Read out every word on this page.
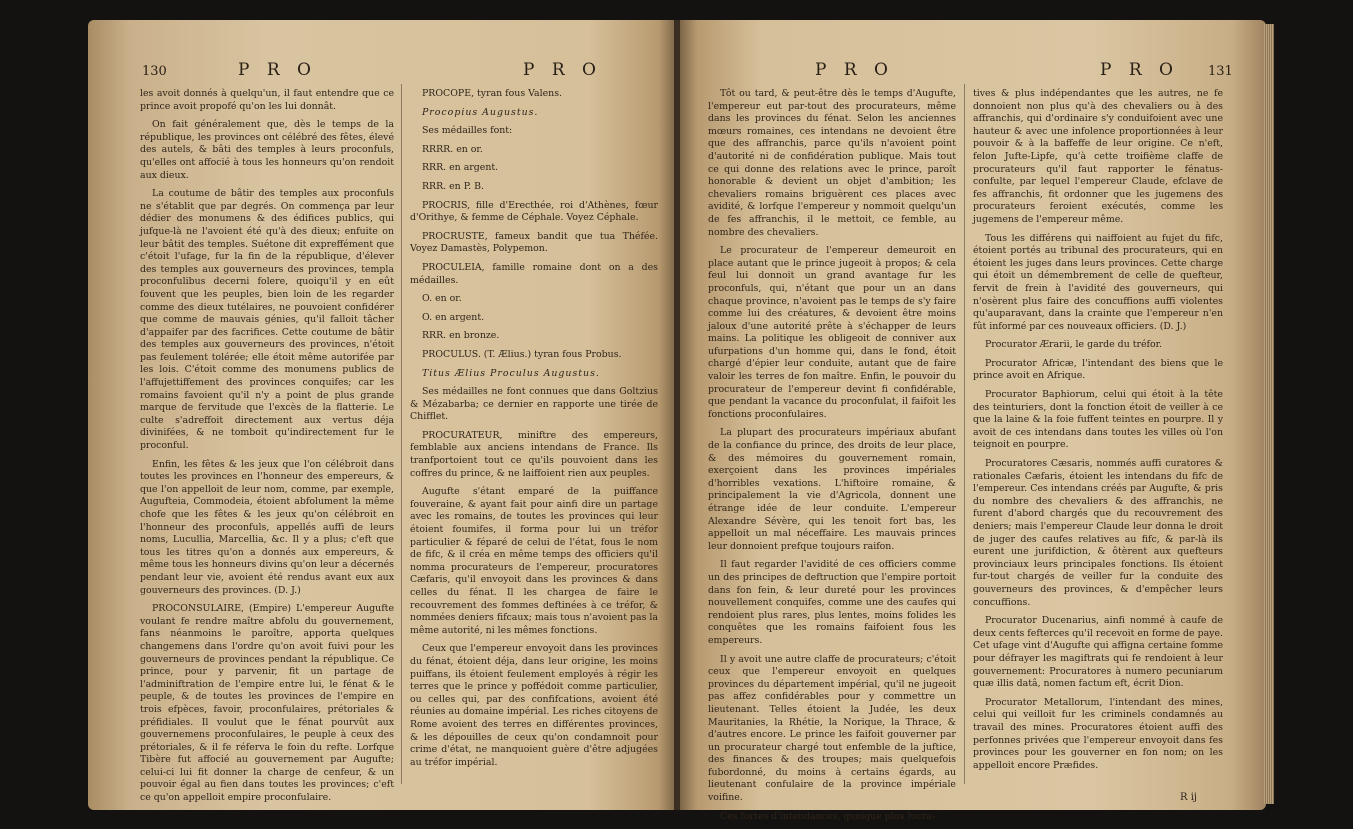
130	P R O	P R O

les avoit donnés à quelqu'un, il faut entendre que ce prince avoit propofé qu'on les lui donnât.

On fait généralement que, dès le temps de la république, les provinces ont célébré des fêtes, élevé des autels, & bâti des temples à leurs proconfuls, qu'elles ont affocié à tous les honneurs qu'on rendoit aux dieux.

La coutume de bâtir des temples aux proconfuls ne s'établit que par degrés. On commença par leur dédier des monumens & des édifices publics, qui jufque-là ne l'avoient été qu'à des dieux; enfuite on leur bâtit des temples. Suétone dit expreffément que c'étoit l'ufage, fur la fin de la république, d'élever des temples aux gouverneurs des provinces, templa proconfulibus decerni folere, quoiqu'il y en eût fouvent que les peuples, bien loin de les regarder comme des dieux tutélaires, ne pouvoient confidérer que comme de mauvais génies, qu'il falloit tâcher d'appaifer par des facrifices. Cette coutume de bâtir des temples aux gouverneurs des provinces, n'étoit pas feulement tolérée; elle étoit même autorifée par les lois. C'étoit comme des monumens publics de l'affujettiffement des provinces conquifes; car les romains favoient qu'il n'y a point de plus grande marque de fervitude que l'excès de la flatterie. Le culte s'adreffoit directement aux vertus déja divinifées, & ne tomboit qu'indirectement fur le proconful.

Enfin, les fêtes & les jeux que l'on célébroit dans toutes les provinces en l'honneur des empereurs, & que l'on appelloit de leur nom, comme, par exemple, Augufteia, Commodeia, étoient abfolument la même chofe que les fêtes & les jeux qu'on célébroit en l'honneur des proconfuls, appellés auffi de leurs noms, Lucullia, Marcellia, &c. Il y a plus; c'eft que tous les titres qu'on a donnés aux empereurs, & même tous les honneurs divins qu'on leur a décernés pendant leur vie, avoient été rendus avant eux aux gouverneurs des provinces. (D. J.)

PROCONSULAIRE, (Empire) L'empereur Augufte voulant fe rendre maître abfolu du gouvernement, fans néanmoins le paroître, apporta quelques changemens dans l'ordre qu'on avoit fuivi pour les gouverneurs de provinces pendant la république. Ce prince, pour y parvenir, fit un partage de l'adminiftration de l'empire entre lui, le fénat & le peuple, & de toutes les provinces de l'empire en trois efpèces, favoir, proconfulaires, prétoriales & préfidiales. Il voulut que le fénat pourvût aux gouvernemens proconfulaires, le peuple à ceux des prétoriales, & il fe réferva le foin du refte. Lorfque Tibère fut affocié au gouvernement par Augufte; celui-ci lui fit donner la charge de cenfeur, & un pouvoir égal au fien dans toutes les provinces; c'eft ce qu'on appelloit empire proconfulaire.

PROCOPE, tyran fous Valens.

Procopius Augustus.

Ses médailles font:

RRRR. en or.

RRR. en argent.

RRR. en P. B.

PROCRIS, fille d'Erecthée, roi d'Athènes, fœur d'Orithye, & femme de Céphale. Voyez Céphale.

PROCRUSTE, fameux bandit que tua Théfée. Voyez Damastès, Polypemon.

PROCULEIA, famille romaine dont on a des médailles.

O. en or.

O. en argent.

RRR. en bronze.

PROCULUS. (T. Ælius.) tyran fous Probus.

Titus Ælius Proculus Augustus.

Ses médailles ne font connues que dans Goltzius & Mézabarba; ce dernier en rapporte une tirée de Chifflet.

PROCURATEUR, miniftre des empereurs, femblable aux anciens intendans de France. Ils tranfportoient tout ce qu'ils pouvoient dans les coffres du prince, & ne laiffoient rien aux peuples.

Augufte s'étant emparé de la puiffance fouveraine, & ayant fait pour ainfi dire un partage avec les romains, de toutes les provinces qui leur étoient foumifes, il forma pour lui un tréfor particulier & féparé de celui de l'état, fous le nom de fifc, & il créa en même temps des officiers qu'il nomma procurateurs de l'empereur, procuratores Cæfaris, qu'il envoyoit dans les provinces & dans celles du fénat. Il les chargea de faire le recouvrement des fommes deftinées à ce tréfor, & nommées deniers fifcaux; mais tous n'avoient pas la même autorité, ni les mêmes fonctions.

Ceux que l'empereur envoyoit dans les provinces du fénat, étoient déja, dans leur origine, les moins puiffans, ils étoient feulement employés à régir les terres que le prince y poffédoit comme particulier, ou celles qui, par des confifcations, avoient été réunies au domaine impérial. Les riches citoyens de Rome avoient des terres en différentes provinces, & les dépouilles de ceux qu'on condamnoit pour crime d'état, ne manquoient guère d'être adjugées au tréfor impérial.

P R O	P R O 131

Tôt ou tard, & peut-être dès le temps d'Augufte, l'empereur eut par-tout des procurateurs, même dans les provinces du fénat. Selon les anciennes mœurs romaines, ces intendans ne devoient être que des affranchis, parce qu'ils n'avoient point d'autorité ni de confidération publique. Mais tout ce qui donne des relations avec le prince, paroît honorable & devient un objet d'ambition; les chevaliers romains briguèrent ces places avec avidité, & lorfque l'empereur y nommoit quelqu'un de fes affranchis, il le mettoit, ce femble, au nombre des chevaliers.

Le procurateur de l'empereur demeuroit en place autant que le prince jugeoit à propos; & cela feul lui donnoit un grand avantage fur les proconfuls, qui, n'étant que pour un an dans chaque province, n'avoient pas le temps de s'y faire comme lui des créatures, & devoient être moins jaloux d'une autorité prête à s'échapper de leurs mains. La politique les obligeoit de conniver aux ufurpations d'un homme qui, dans le fond, étoit chargé d'épier leur conduite, autant que de faire valoir les terres de fon maître. Enfin, le pouvoir du procurateur de l'empereur devint fi confidérable, que pendant la vacance du proconfulat, il faifoit les fonctions proconfulaires.

La plupart des procurateurs impériaux abufant de la confiance du prince, des droits de leur place, & des mémoires du gouvernement romain, exerçoient dans les provinces impériales d'horribles vexations. L'hiftoire romaine, & principalement la vie d'Agricola, donnent une étrange idée de leur conduite. L'empereur Alexandre Sévère, qui les tenoit fort bas, les appelloit un mal néceffaire. Les mauvais princes leur donnoient prefque toujours raifon.

Il faut regarder l'avidité de ces officiers comme un des principes de deftruction que l'empire portoit dans fon fein, & leur dureté pour les provinces nouvellement conquifes, comme une des caufes qui rendoient plus rares, plus lentes, moins folides les conquêtes que les romains faifoient fous les empereurs.

Il y avoit une autre claffe de procurateurs; c'étoit ceux que l'empereur envoyoit en quelques provinces du département impérial, qu'il ne jugeoit pas affez confidérables pour y commettre un lieutenant. Telles étoient la Judée, les deux Mauritanies, la Rhétie, la Norique, la Thrace, & d'autres encore. Le prince les faifoit gouverner par un procurateur chargé tout enfemble de la juftice, des finances & des troupes; mais quelquefois fubordonné, du moins à certains égards, au lieutenant confulaire de la province impériale voifine.

Ces fortes d'intendances, quoique plus lucra-

tives & plus indépendantes que les autres, ne fe donnoient non plus qu'à des chevaliers ou à des affranchis, qui d'ordinaire s'y conduifoient avec une hauteur & avec une infolence proportionnées à leur pouvoir & à la baffeffe de leur origine. Ce n'eft, felon Jufte-Lipfe, qu'à cette troifième claffe de procurateurs qu'il faut rapporter le fénatus-confulte, par lequel l'empereur Claude, efclave de fes affranchis, fit ordonner que les jugemens des procurateurs feroient exécutés, comme les jugemens de l'empereur même.

Tous les différens qui naiffoient au fujet du fifc, étoient portés au tribunal des procurateurs, qui en étoient les juges dans leurs provinces. Cette charge qui étoit un démembrement de celle de quefteur, fervit de frein à l'avidité des gouverneurs, qui n'osèrent plus faire des concuffions auffi violentes qu'auparavant, dans la crainte que l'empereur n'en fût informé par ces nouveaux officiers. (D. J.)

Procurator Ærarii, le garde du tréfor.

Procurator Africæ, l'intendant des biens que le prince avoit en Afrique.

Procurator Baphiorum, celui qui étoit à la tête des teinturiers, dont la fonction étoit de veiller à ce que la laine & la foie fuffent teintes en pourpre. Il y avoit de ces intendans dans toutes les villes où l'on teignoit en pourpre.

Procuratores Cæsaris, nommés auffi curatores & rationales Cæfaris, étoient les intendans du fifc de l'empereur. Ces intendans créés par Augufte, & pris du nombre des chevaliers & des affranchis, ne furent d'abord chargés que du recouvrement des deniers; mais l'empereur Claude leur donna le droit de juger des caufes relatives au fifc, & par-là ils eurent une jurifdiction, & ôtèrent aux quefteurs provinciaux leurs principales fonctions. Ils étoient fur-tout chargés de veiller fur la conduite des gouverneurs des provinces, & d'empêcher leurs concuffions.

Procurator Ducenarius, ainfi nommé à caufe de deux cents fefterces qu'il recevoit en forme de paye. Cet ufage vint d'Augufte qui affigna certaine fomme pour défrayer les magiftrats qui fe rendoient à leur gouvernement: Procuratores à numero pecuniarum quæ illis datâ, nomen factum eft, écrit Dion.

Procurator Metallorum, l'intendant des mines, celui qui veilloit fur les criminels condamnés au travail des mines. Procuratores étoient auffi des perfonnes privées que l'empereur envoyoit dans fes provinces pour les gouverner en fon nom; on les appelloit encore Præfides.

R ij
